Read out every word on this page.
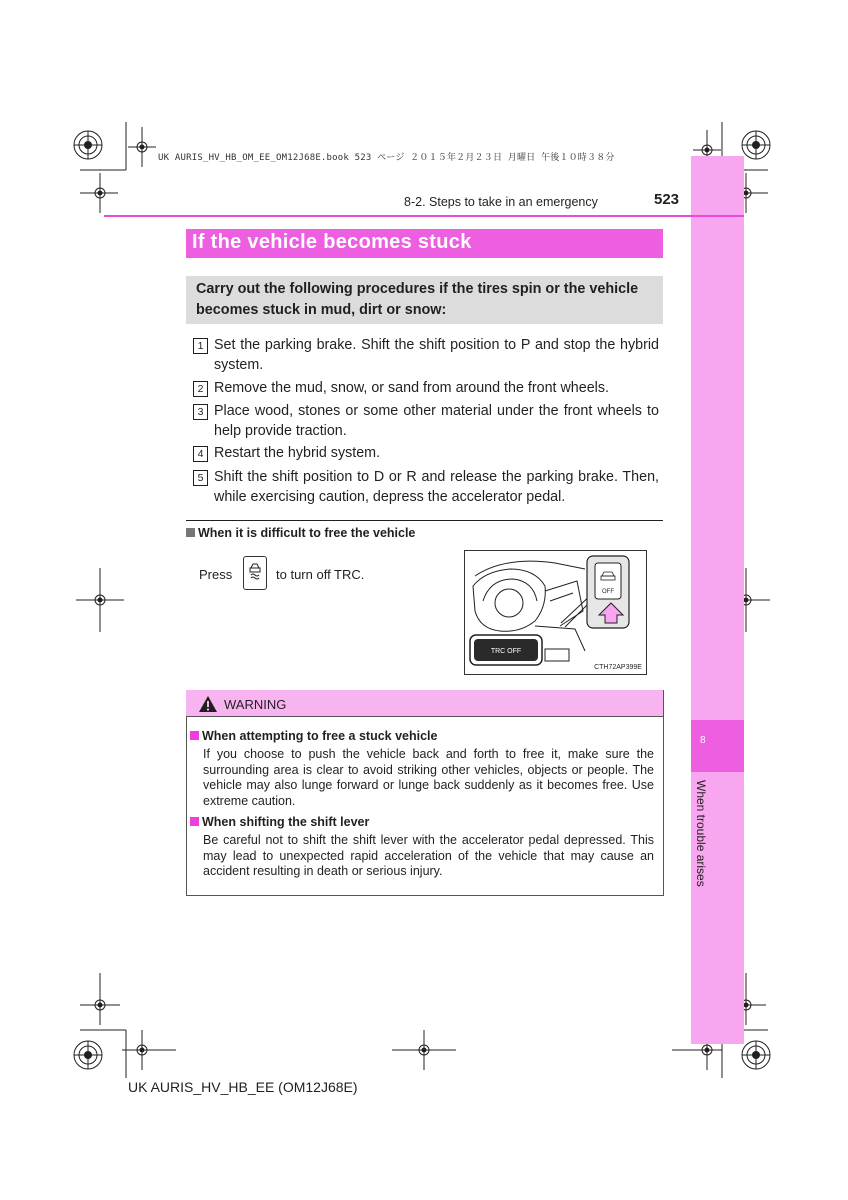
UK AURIS_HV_HB_OM_EE_OM12J68E.book 523 ページ ２０１５年２月２３日 月曜日 午後１０時３８分
8
When trouble arises
8-2. Steps to take in an emergency	523
If the vehicle becomes stuck
Carry out the following procedures if the tires spin or the vehicle becomes stuck in mud, dirt or snow:
1 Set the parking brake. Shift the shift position to P and stop the hybrid system.
2 Remove the mud, snow, or sand from around the front wheels.
3 Place wood, stones or some other material under the front wheels to help provide traction.
4 Restart the hybrid system.
5 Shift the shift position to D or R and release the parking brake. Then, while exercising caution, depress the accelerator pedal.
When it is difficult to free the vehicle
Press	to turn off TRC.
OFF
TRC OFF
CTH72AP399E
WARNING
When attempting to free a stuck vehicle
If you choose to push the vehicle back and forth to free it, make sure the surrounding area is clear to avoid striking other vehicles, objects or people. The vehicle may also lunge forward or lunge back suddenly as it becomes free. Use extreme caution.
When shifting the shift lever
Be careful not to shift the shift lever with the accelerator pedal depressed. This may lead to unexpected rapid acceleration of the vehicle that may cause an accident resulting in death or serious injury.
UK AURIS_HV_HB_EE (OM12J68E)
